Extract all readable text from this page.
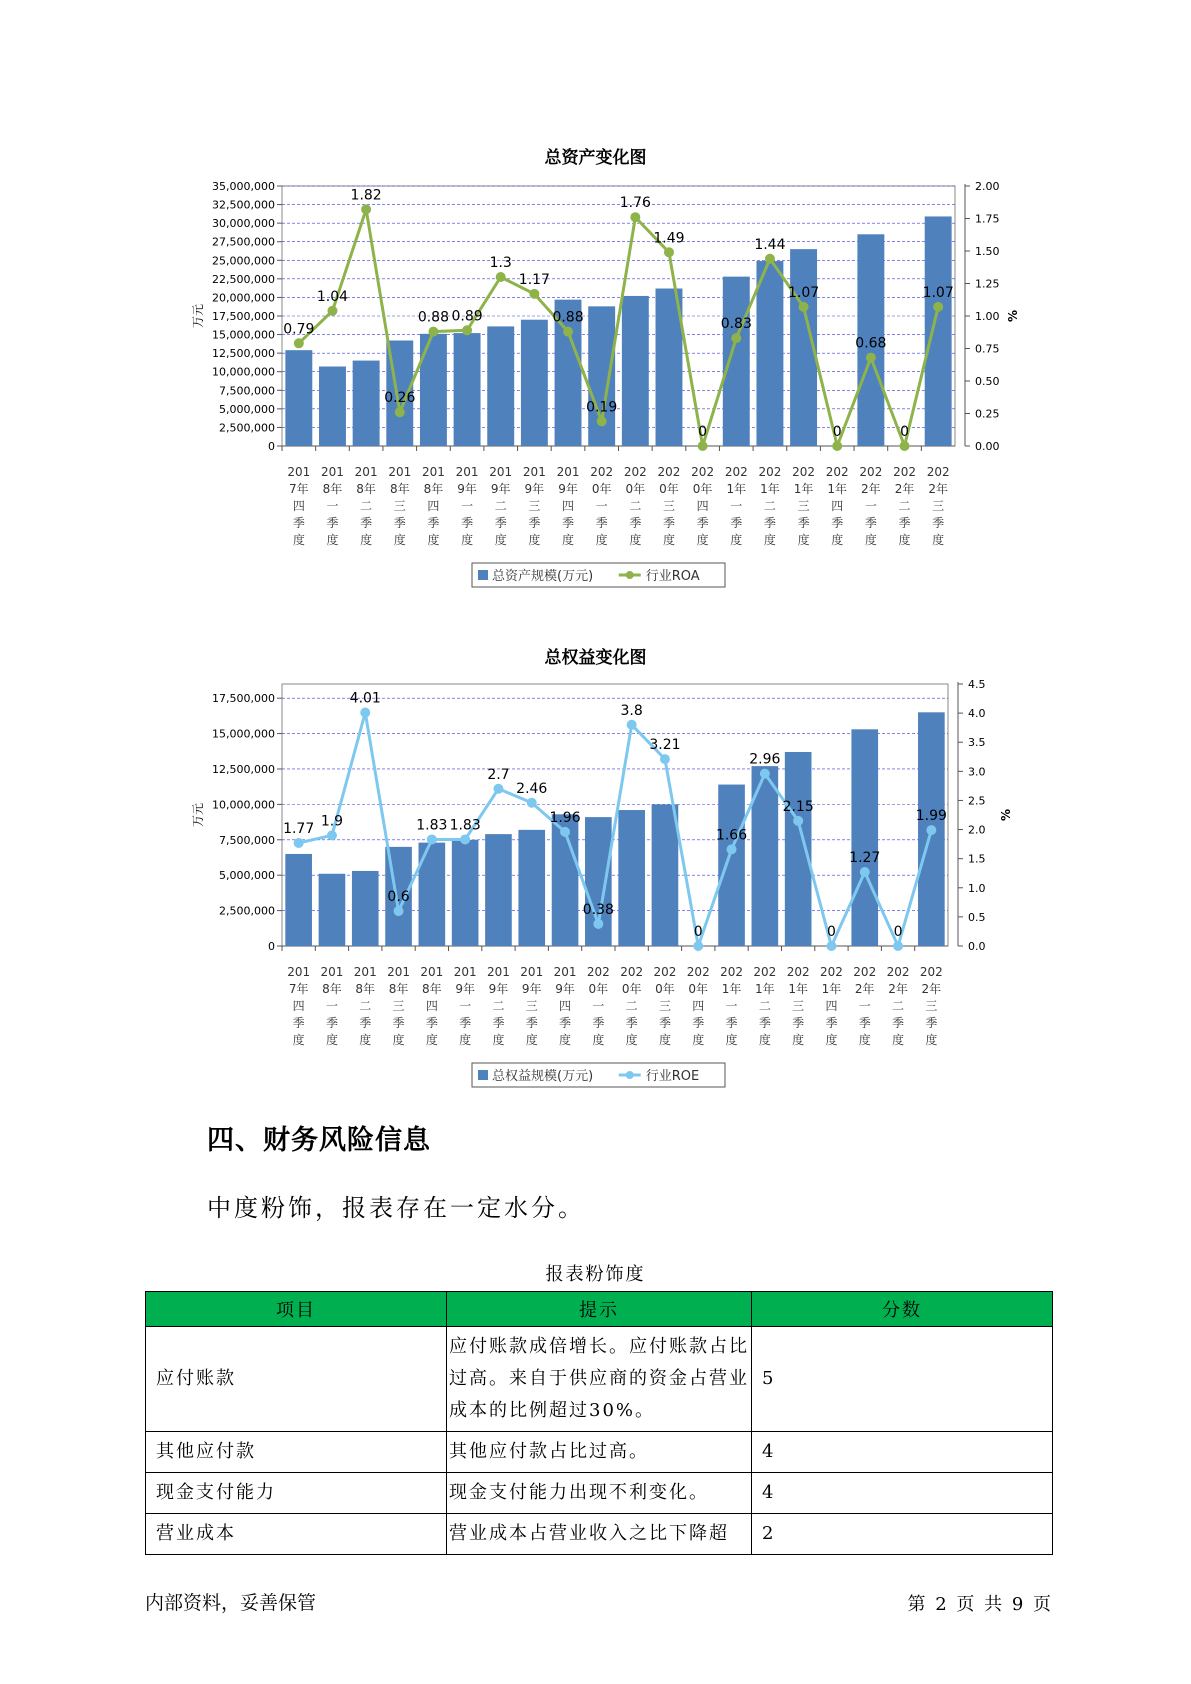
总资产变化图
0
2,500,000
5,000,000
7,500,000
10,000,000
12,500,000
15,000,000
17,500,000
20,000,000
22,500,000
25,000,000
27,500,000
30,000,000
32,500,000
35,000,000
0.00
0.25
0.50
0.75
1.00
1.25
1.50
1.75
2.00
万元	%
201
7年
四
季
度
201
8年
一
季
度
201
8年
二
季
度
201
8年
三
季
度
201
8年
四
季
度
201
9年
一
季
度
201
9年
二
季
度
201
9年
三
季
度
201
9年
四
季
度
202
0年
一
季
度
202
0年
二
季
度
202
0年
三
季
度
202
0年
四
季
度
202
1年
一
季
度
202
1年
二
季
度
202
1年
三
季
度
202
1年
四
季
度
202
2年
一
季
度
202
2年
二
季
度
202
2年
三
季
度
0.79
1.04
1.82
0.26
0.88 0.89
1.3
1.17
0.88
0.19
1.76
1.49
0
0.83
1.44
1.07
0
0.68
0
1.07
总资产规模(万元)	行业ROA
总权益变化图
0
2,500,000
5,000,000
7,500,000
10,000,000
12,500,000
15,000,000
17,500,000
0.0
0.5
1.0
1.5
2.0
2.5
3.0
3.5
4.0
4.5
万元	%
201
7年
四
季
度
201
8年
一
季
度
201
8年
二
季
度
201
8年
三
季
度
201
8年
四
季
度
201
9年
一
季
度
201
9年
二
季
度
201
9年
三
季
度
201
9年
四
季
度
202
0年
一
季
度
202
0年
二
季
度
202
0年
三
季
度
202
0年
四
季
度
202
1年
一
季
度
202
1年
二
季
度
202
1年
三
季
度
202
1年
四
季
度
202
2年
一
季
度
202
2年
二
季
度
202
2年
三
季
度
1.77 1.9
4.01
0.6
1.83 1.83
2.7
2.46
1.96
0.38
3.8
3.21
0
1.66
2.96
2.15
0
1.27
0
1.99
总权益规模(万元)	行业ROE
四、财务风险信息
中度粉饰，报表存在一定水分。
报表粉饰度
项目	提示	分数
应付账款	应付账款成倍增长。应付账款占比过高。来自于供应商的资金占营业成本的比例超过30%。	5
其他应付款	其他应付款占比过高。	4
现金支付能力	现金支付能力出现不利变化。	4
营业成本	营业成本占营业收入之比下降超	2
内部资料，妥善保管	第 2 页 共 9 页
